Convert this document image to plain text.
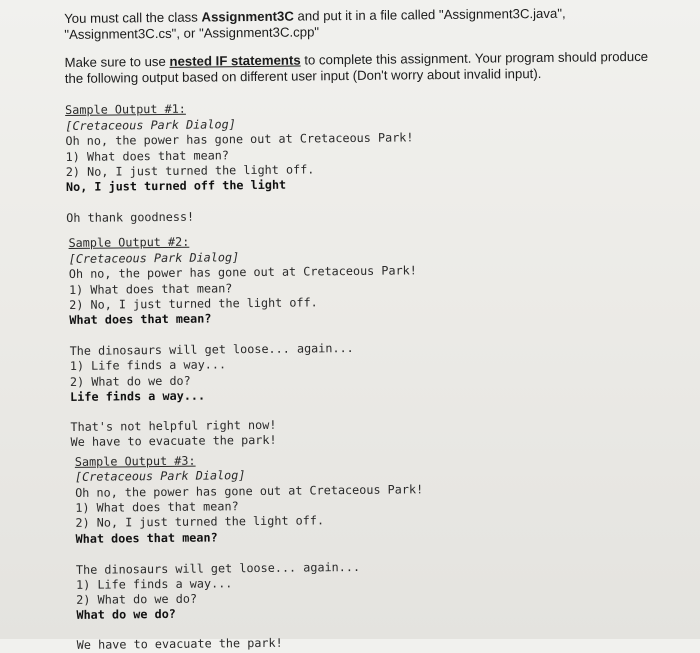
You must call the class Assignment3C and put it in a file called "Assignment3C.java", "Assignment3C.cs", or "Assignment3C.cpp"
Make sure to use nested IF statements to complete this assignment. Your program should produce the following output based on different user input (Don't worry about invalid input).
Sample Output #1:
[Cretaceous Park Dialog]
Oh no, the power has gone out at Cretaceous Park!
1) What does that mean?
2) No, I just turned the light off.
No, I just turned off the light
Oh thank goodness!
Sample Output #2:
[Cretaceous Park Dialog]
Oh no, the power has gone out at Cretaceous Park!
1) What does that mean?
2) No, I just turned the light off.
What does that mean?
The dinosaurs will get loose... again...
1) Life finds a way...
2) What do we do?
Life finds a way...
That's not helpful right now!
We have to evacuate the park!
Sample Output #3:
[Cretaceous Park Dialog]
Oh no, the power has gone out at Cretaceous Park!
1) What does that mean?
2) No, I just turned the light off.
What does that mean?
The dinosaurs will get loose... again...
1) Life finds a way...
2) What do we do?
What do we do?
We have to evacuate the park!
